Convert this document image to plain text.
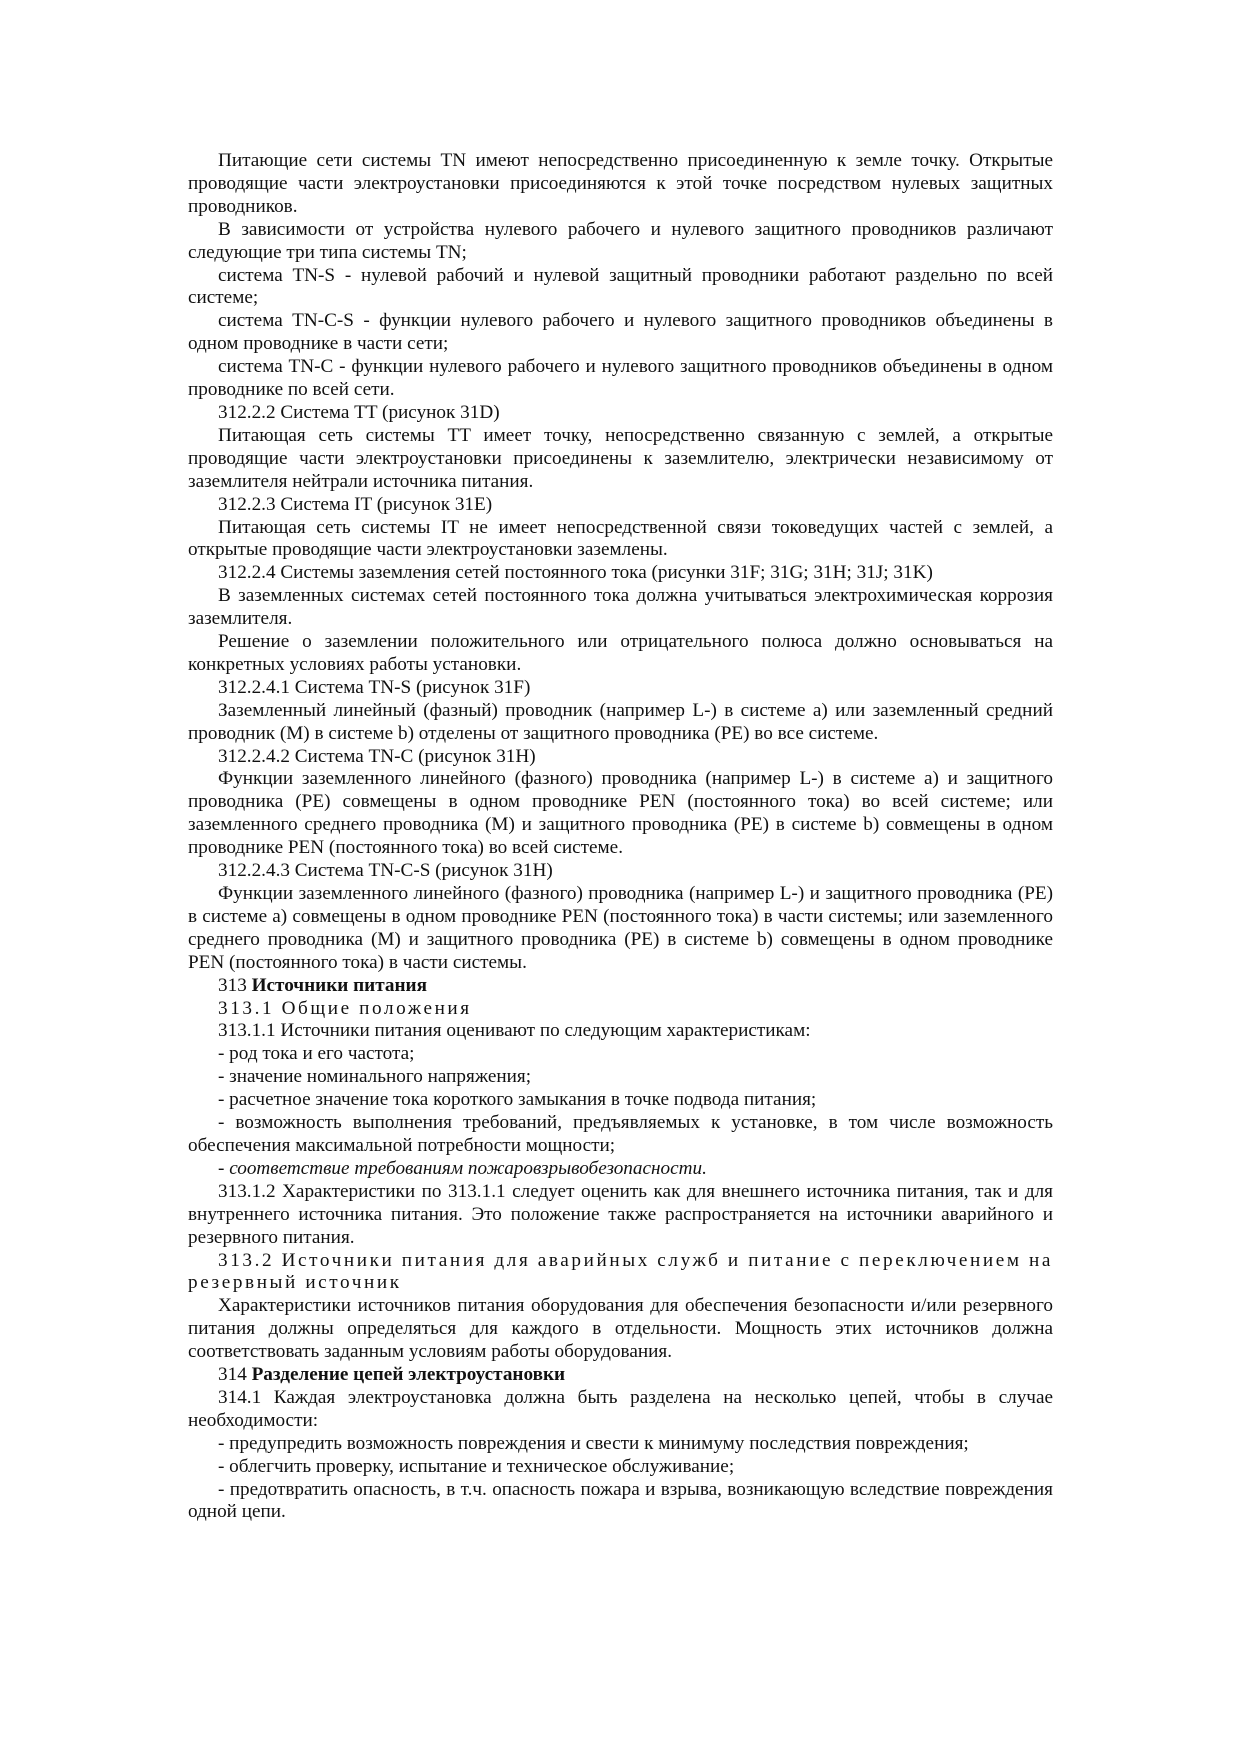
Питающие сети системы TN имеют непосредственно присоединенную к земле точку. Открытые проводящие части электроустановки присоединяются к этой точке посредством нулевых защитных проводников.

В зависимости от устройства нулевого рабочего и нулевого защитного проводников различают следующие три типа системы TN;

система TN-S - нулевой рабочий и нулевой защитный проводники работают раздельно по всей системе;

система TN-C-S - функции нулевого рабочего и нулевого защитного проводников объединены в одном проводнике в части сети;

система TN-C - функции нулевого рабочего и нулевого защитного проводников объединены в одном проводнике по всей сети.

312.2.2 Система TT (рисунок 31D)

Питающая сеть системы TT имеет точку, непосредственно связанную с землей, а открытые проводящие части электроустановки присоединены к заземлителю, электрически независимому от заземлителя нейтрали источника питания.

312.2.3 Система IT (рисунок 31E)

Питающая сеть системы IT не имеет непосредственной связи токоведущих частей с землей, а открытые проводящие части электроустановки заземлены.

312.2.4 Системы заземления сетей постоянного тока (рисунки 31F; 31G; 31H; 31J; 31K)

В заземленных системах сетей постоянного тока должна учитываться электрохимическая коррозия заземлителя.

Решение о заземлении положительного или отрицательного полюса должно основываться на конкретных условиях работы установки.

312.2.4.1 Система TN-S (рисунок 31F)

Заземленный линейный (фазный) проводник (например L-) в системе a) или заземленный средний проводник (M) в системе b) отделены от защитного проводника (PE) во все системе.

312.2.4.2 Система TN-C (рисунок 31H)

Функции заземленного линейного (фазного) проводника (например L-) в системе a) и защитного проводника (PE) совмещены в одном проводнике PEN (постоянного тока) во всей системе; или заземленного среднего проводника (M) и защитного проводника (PE) в системе b) совмещены в одном проводнике PEN (постоянного тока) во всей системе.

312.2.4.3 Система TN-C-S (рисунок 31H)

Функции заземленного линейного (фазного) проводника (например L-) и защитного проводника (PE) в системе a) совмещены в одном проводнике PEN (постоянного тока) в части системы; или заземленного среднего проводника (M) и защитного проводника (PE) в системе b) совмещены в одном проводнике PEN (постоянного тока) в части системы.

313 Источники питания

313.1 Общие положения

313.1.1 Источники питания оценивают по следующим характеристикам:

- род тока и его частота;

- значение номинального напряжения;

- расчетное значение тока короткого замыкания в точке подвода питания;

- возможность выполнения требований, предъявляемых к установке, в том числе возможность обеспечения максимальной потребности мощности;

- соответствие требованиям пожаровзрывобезопасности.

313.1.2 Характеристики по 313.1.1 следует оценить как для внешнего источника питания, так и для внутреннего источника питания. Это положение также распространяется на источники аварийного и резервного питания.

313.2 Источники питания для аварийных служб и питание с переключением на резервный источник

Характеристики источников питания оборудования для обеспечения безопасности и/или резервного питания должны определяться для каждого в отдельности. Мощность этих источников должна соответствовать заданным условиям работы оборудования.

314 Разделение цепей электроустановки

314.1 Каждая электроустановка должна быть разделена на несколько цепей, чтобы в случае необходимости:

- предупредить возможность повреждения и свести к минимуму последствия повреждения;

- облегчить проверку, испытание и техническое обслуживание;

- предотвратить опасность, в т.ч. опасность пожара и взрыва, возникающую вследствие повреждения одной цепи.
